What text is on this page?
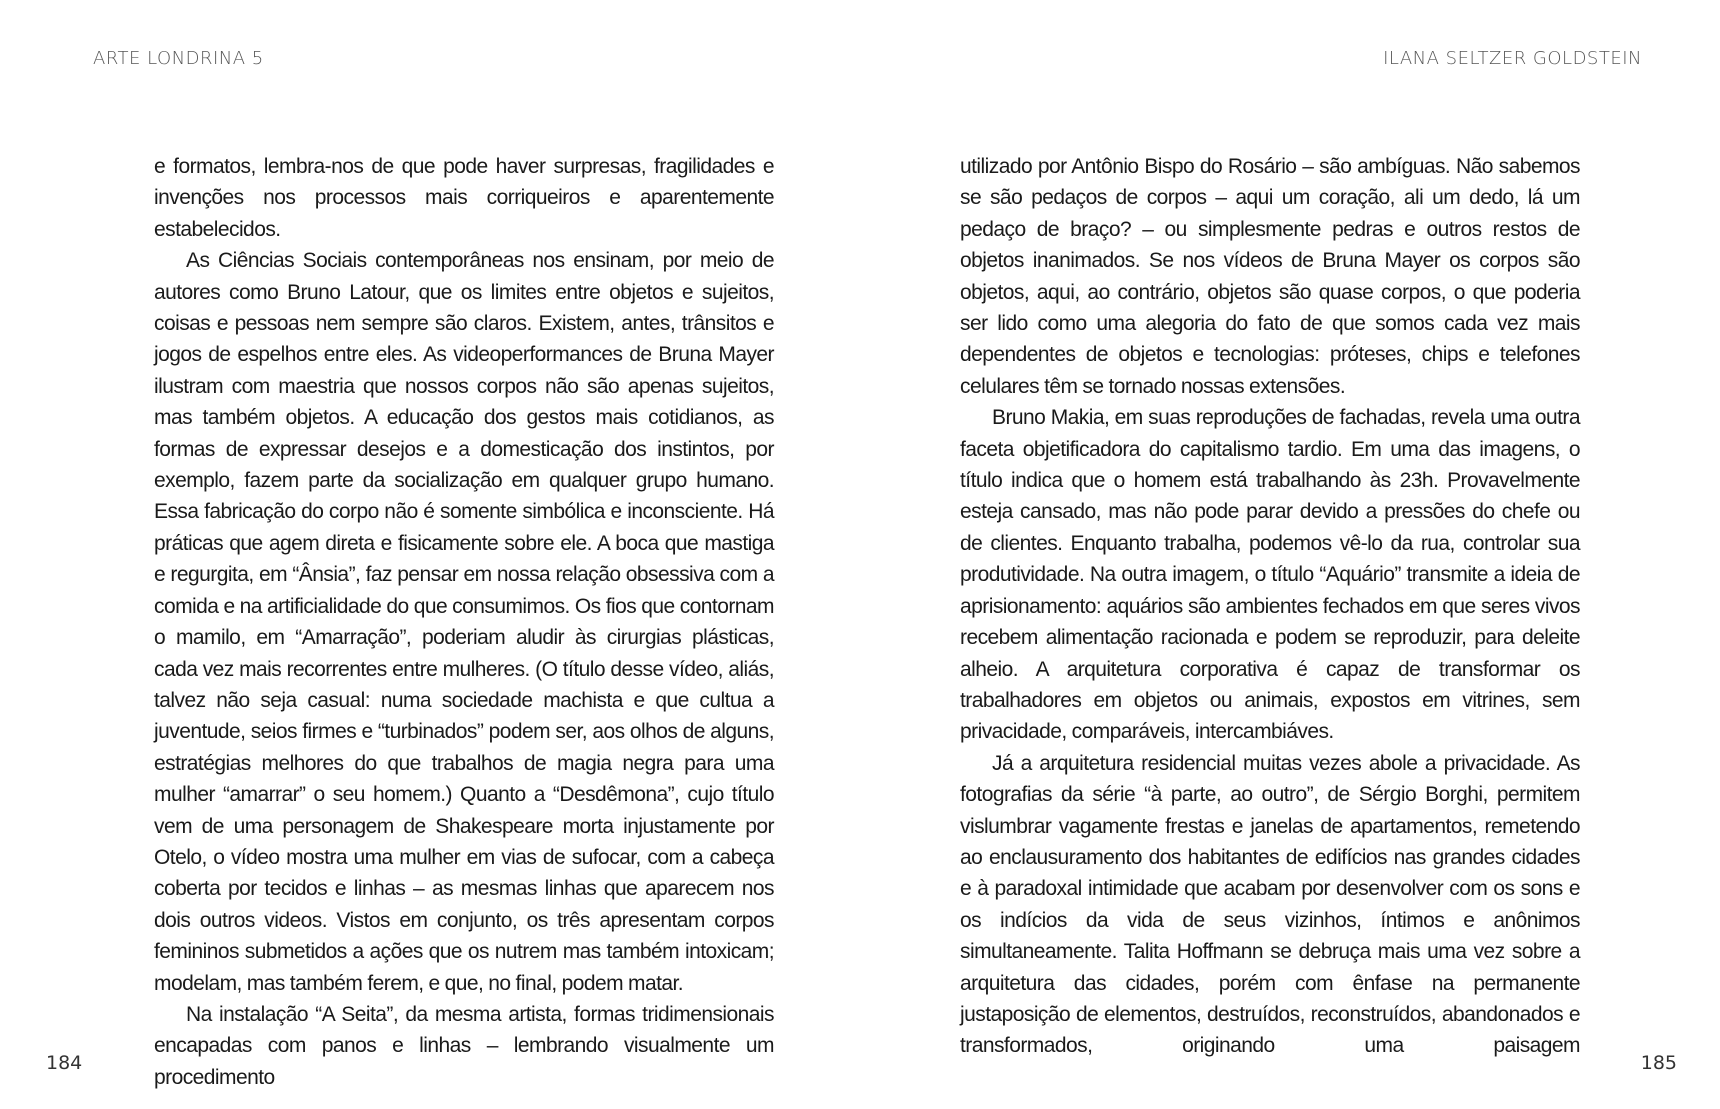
ARTE LONDRINA 5

e formatos, lembra-nos de que pode haver surpresas, fragilidades e invenções nos processos mais corriqueiros e aparentemente estabelecidos.

As Ciências Sociais contemporâneas nos ensinam, por meio de autores como Bruno Latour, que os limites entre objetos e sujeitos, coisas e pessoas nem sempre são claros. Existem, antes, trânsitos e jogos de espelhos entre eles. As videoperformances de Bruna Mayer ilustram com maestria que nossos corpos não são apenas sujeitos, mas também objetos. A educação dos gestos mais cotidianos, as formas de expressar desejos e a domesticação dos instintos, por exemplo, fazem parte da socialização em qualquer grupo humano. Essa fabricação do corpo não é somente simbólica e inconsciente. Há práticas que agem direta e fisicamente sobre ele. A boca que mastiga e regurgita, em “Ânsia”, faz pensar em nossa relação obsessiva com a comida e na artificialidade do que consumimos. Os fios que contornam o mamilo, em “Amarração”, poderiam aludir às cirurgias plásticas, cada vez mais recorrentes entre mulheres. (O título desse vídeo, aliás, talvez não seja casual: numa sociedade machista e que cultua a juventude, seios firmes e “turbinados” podem ser, aos olhos de alguns, estratégias melhores do que trabalhos de magia negra para uma mulher “amarrar” o seu homem.) Quanto a “Desdêmona”, cujo título vem de uma personagem de Shakespeare morta injustamente por Otelo, o vídeo mostra uma mulher em vias de sufocar, com a cabeça coberta por tecidos e linhas – as mesmas linhas que aparecem nos dois outros videos. Vistos em conjunto, os três apresentam corpos femininos submetidos a ações que os nutrem mas também intoxicam; modelam, mas também ferem, e que, no final, podem matar.

Na instalação “A Seita”, da mesma artista, formas tridimensionais encapadas com panos e linhas – lembrando visualmente um procedimento

184
ILANA SELTZER GOLDSTEIN

utilizado por Antônio Bispo do Rosário – são ambíguas. Não sabemos se são pedaços de corpos – aqui um coração, ali um dedo, lá um pedaço de braço? – ou simplesmente pedras e outros restos de objetos inanimados. Se nos vídeos de Bruna Mayer os corpos são objetos, aqui, ao contrário, objetos são quase corpos, o que poderia ser lido como uma alegoria do fato de que somos cada vez mais dependentes de objetos e tecnologias: próteses, chips e telefones celulares têm se tornado nossas extensões.

Bruno Makia, em suas reproduções de fachadas, revela uma outra faceta objetificadora do capitalismo tardio. Em uma das imagens, o título indica que o homem está trabalhando às 23h. Provavelmente esteja cansado, mas não pode parar devido a pressões do chefe ou de clientes. Enquanto trabalha, podemos vê-lo da rua, controlar sua produtividade. Na outra imagem, o título “Aquário” transmite a ideia de aprisionamento: aquários são ambientes fechados em que seres vivos recebem alimentação racionada e podem se reproduzir, para deleite alheio. A arquitetura corporativa é capaz de transformar os trabalhadores em objetos ou animais, expostos em vitrines, sem privacidade, comparáveis, intercambiáves.

Já a arquitetura residencial muitas vezes abole a privacidade. As fotografias da série “à parte, ao outro”, de Sérgio Borghi, permitem vislumbrar vagamente frestas e janelas de apartamentos, remetendo ao enclausuramento dos habitantes de edifícios nas grandes cidades e à paradoxal intimidade que acabam por desenvolver com os sons e os indícios da vida de seus vizinhos, íntimos e anônimos simultaneamente. Talita Hoffmann se debruça mais uma vez sobre a arquitetura das cidades, porém com ênfase na permanente justaposição de elementos, destruídos, reconstruídos, abandonados e transformados, originando uma paisagem

185
